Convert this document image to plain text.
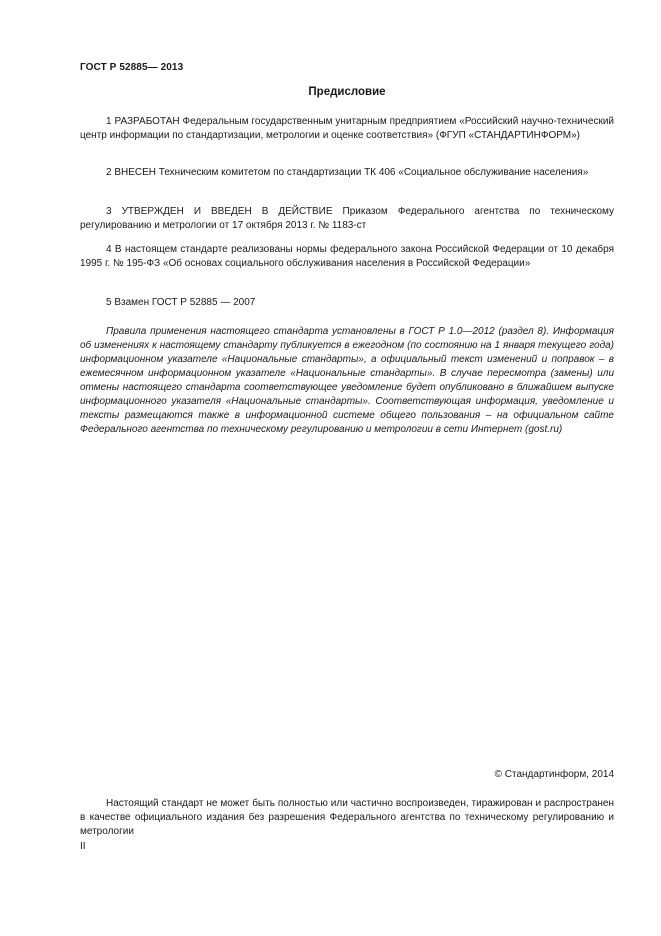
ГОСТ Р 52885— 2013
Предисловие

1 РАЗРАБОТАН Федеральным государственным унитарным предприятием «Российский научно-технический центр информации по стандартизации, метрологии и оценке соответствия» (ФГУП «СТАНДАРТИНФОРМ»)

2 ВНЕСЕН Техническим комитетом по стандартизации ТК 406 «Социальное обслуживание населения»

3 УТВЕРЖДЕН И ВВЕДЕН В ДЕЙСТВИЕ Приказом Федерального агентства по техническому регулированию и метрологии от 17 октября 2013 г. № 1183-ст

4 В настоящем стандарте реализованы нормы федерального закона Российской Федерации от 10 декабря 1995 г. № 195-ФЗ «Об основах социального обслуживания населения в Российской Федерации»

5 Взамен ГОСТ Р 52885 — 2007

Правила применения настоящего стандарта установлены в ГОСТ Р 1.0—2012 (раздел 8). Информация об изменениях к настоящему стандарту публикуется в ежегодном (по состоянию на 1 января текущего года) информационном указателе «Национальные стандарты», а официальный текст изменений и поправок – в ежемесячном информационном указателе «Национальные стандарты». В случае пересмотра (замены) или отмены настоящего стандарта соответствующее уведомление будет опубликовано в ближайшем выпуске информационного указателя «Национальные стандарты». Соответствующая информация, уведомление и тексты размещаются также в информационной системе общего пользования – на официальном сайте Федерального агентства по техническому регулированию и метрологии в сети Интернет (gost.ru)

© Стандартинформ, 2014

Настоящий стандарт не может быть полностью или частично воспроизведен, тиражирован и распространен в качестве официального издания без разрешения Федерального агентства по техническому регулированию и метрологии

II
